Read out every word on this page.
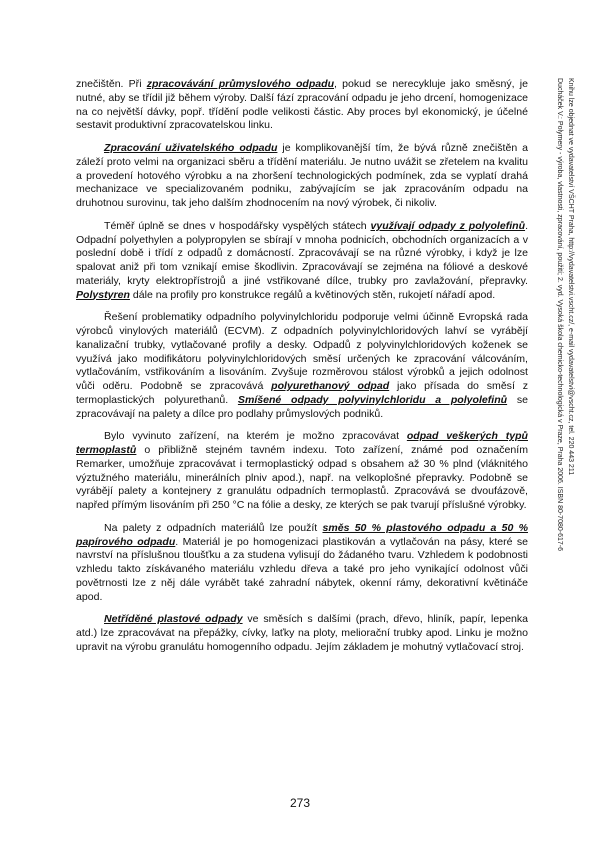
znečištěn. Při zpracovávání průmyslového odpadu, pokud se nerecykluje jako směsný, je nutné, aby se třídil již během výroby. Další fází zpracování odpadu je jeho drcení, homogenizace na co největší dávky, popř. třídění podle velikosti částic. Aby proces byl ekonomický, je účelné sestavit produktivní zpracovatelskou linku.

Zpracování uživatelského odpadu je komplikovanější tím, že bývá různě znečištěn a záleží proto velmi na organizaci sběru a třídění materiálu. Je nutno uvážit se zřetelem na kvalitu a provedení hotového výrobku a na zhoršení technologických podmínek, zda se vyplatí drahá mechanizace ve specializovaném podniku, zabývajícím se jak zpracováním odpadu na druhotnou surovinu, tak jeho dalším zhodnocením na nový výrobek, či nikoliv.

Téměř úplně se dnes v hospodářsky vyspělých státech využívají odpady z polyolefinů. Odpadní polyethylen a polypropylen se sbírají v mnoha podnicích, obchodních organizacích a v poslední době i třídí z odpadů z domácností. Zpracovávají se na různé výrobky, i když je lze spalovat aniž při tom vznikají emise škodlivin. Zpracovávají se zejména na fóliové a deskové materiály, kryty elektropřístrojů a jiné vstřikované dílce, trubky pro zavlažování, přepravky. Polystyren dále na profily pro konstrukce regálů a květinových stěn, rukojetí nářadí apod.

Řešení problematiky odpadního polyvinylchloridu podporuje velmi účinně Evropská rada výrobců vinylových materiálů (ECVM). Z odpadních polyvinylchloridových lahví se vyrábějí kanalizační trubky, vytlačované profily a desky. Odpadů z polyvinylchloridových koženek se využívá jako modifikátoru polyvinylchloridových směsí určených ke zpracování válcováním, vytlačováním, vstřikováním a lisováním. Zvyšuje rozměrovou stálost výrobků a jejich odolnost vůči oděru. Podobně se zpracovává polyurethanový odpad jako přísada do směsí z termoplastických polyurethanů. Smíšené odpady polyvinylchloridu a polyolefinů se zpracovávají na palety a dílce pro podlahy průmyslových podniků.

Bylo vyvinuto zařízení, na kterém je možno zpracovávat odpad veškerých typů termoplastů o přibližně stejném tavném indexu. Toto zařízení, známé pod označením Remarker, umožňuje zpracovávat i termoplastický odpad s obsahem až 30 % plnd (vláknitého výztužného materiálu, minerálních plniv apod.), např. na velkoplošné přepravky. Podobně se vyrábějí palety a kontejnery z granulátu odpadních termoplastů. Zpracovává se dvoufázově, napřed přímým lisováním při 250 °C na fólie a desky, ze kterých se pak tvarují příslušné výrobky.

Na palety z odpadních materiálů lze použít směs 50 % plastového odpadu a 50 % papírového odpadu. Materiál je po homogenizaci plastikován a vytlačován na pásy, které se navrství na příslušnou tloušťku a za studena vylisují do žádaného tvaru. Vzhledem k podobnosti vzhledu takto získávaného materiálu vzhledu dřeva a také pro jeho vynikající odolnost vůči povětrnosti lze z něj dále vyrábět také zahradní nábytek, okenní rámy, dekorativní květináče apod.

Netříděné plastové odpady ve směsích s dalšími (prach, dřevo, hliník, papír, lepenka atd.) lze zpracovávat na přepážky, cívky, laťky na ploty, meliorační trubky apod. Linku je možno upravit na výrobu granulátu homogenního odpadu. Jejím základem je mohutný vytlačovací stroj.

Ducháček V.: Polymery - výroba, vlastnosti, zpracování, použití; 2. vyd. Vysoká škola chemicko-technologická v Praze, Praha 2006. ISBN 80-7080-617-6 Knihu lze objednat ve vydavatelství VŠCHT Praha, http://vydavatelstvi.vscht.cz/, e-mail vydavatelstvi@vscht.cz, tel. 220 443 211
273
